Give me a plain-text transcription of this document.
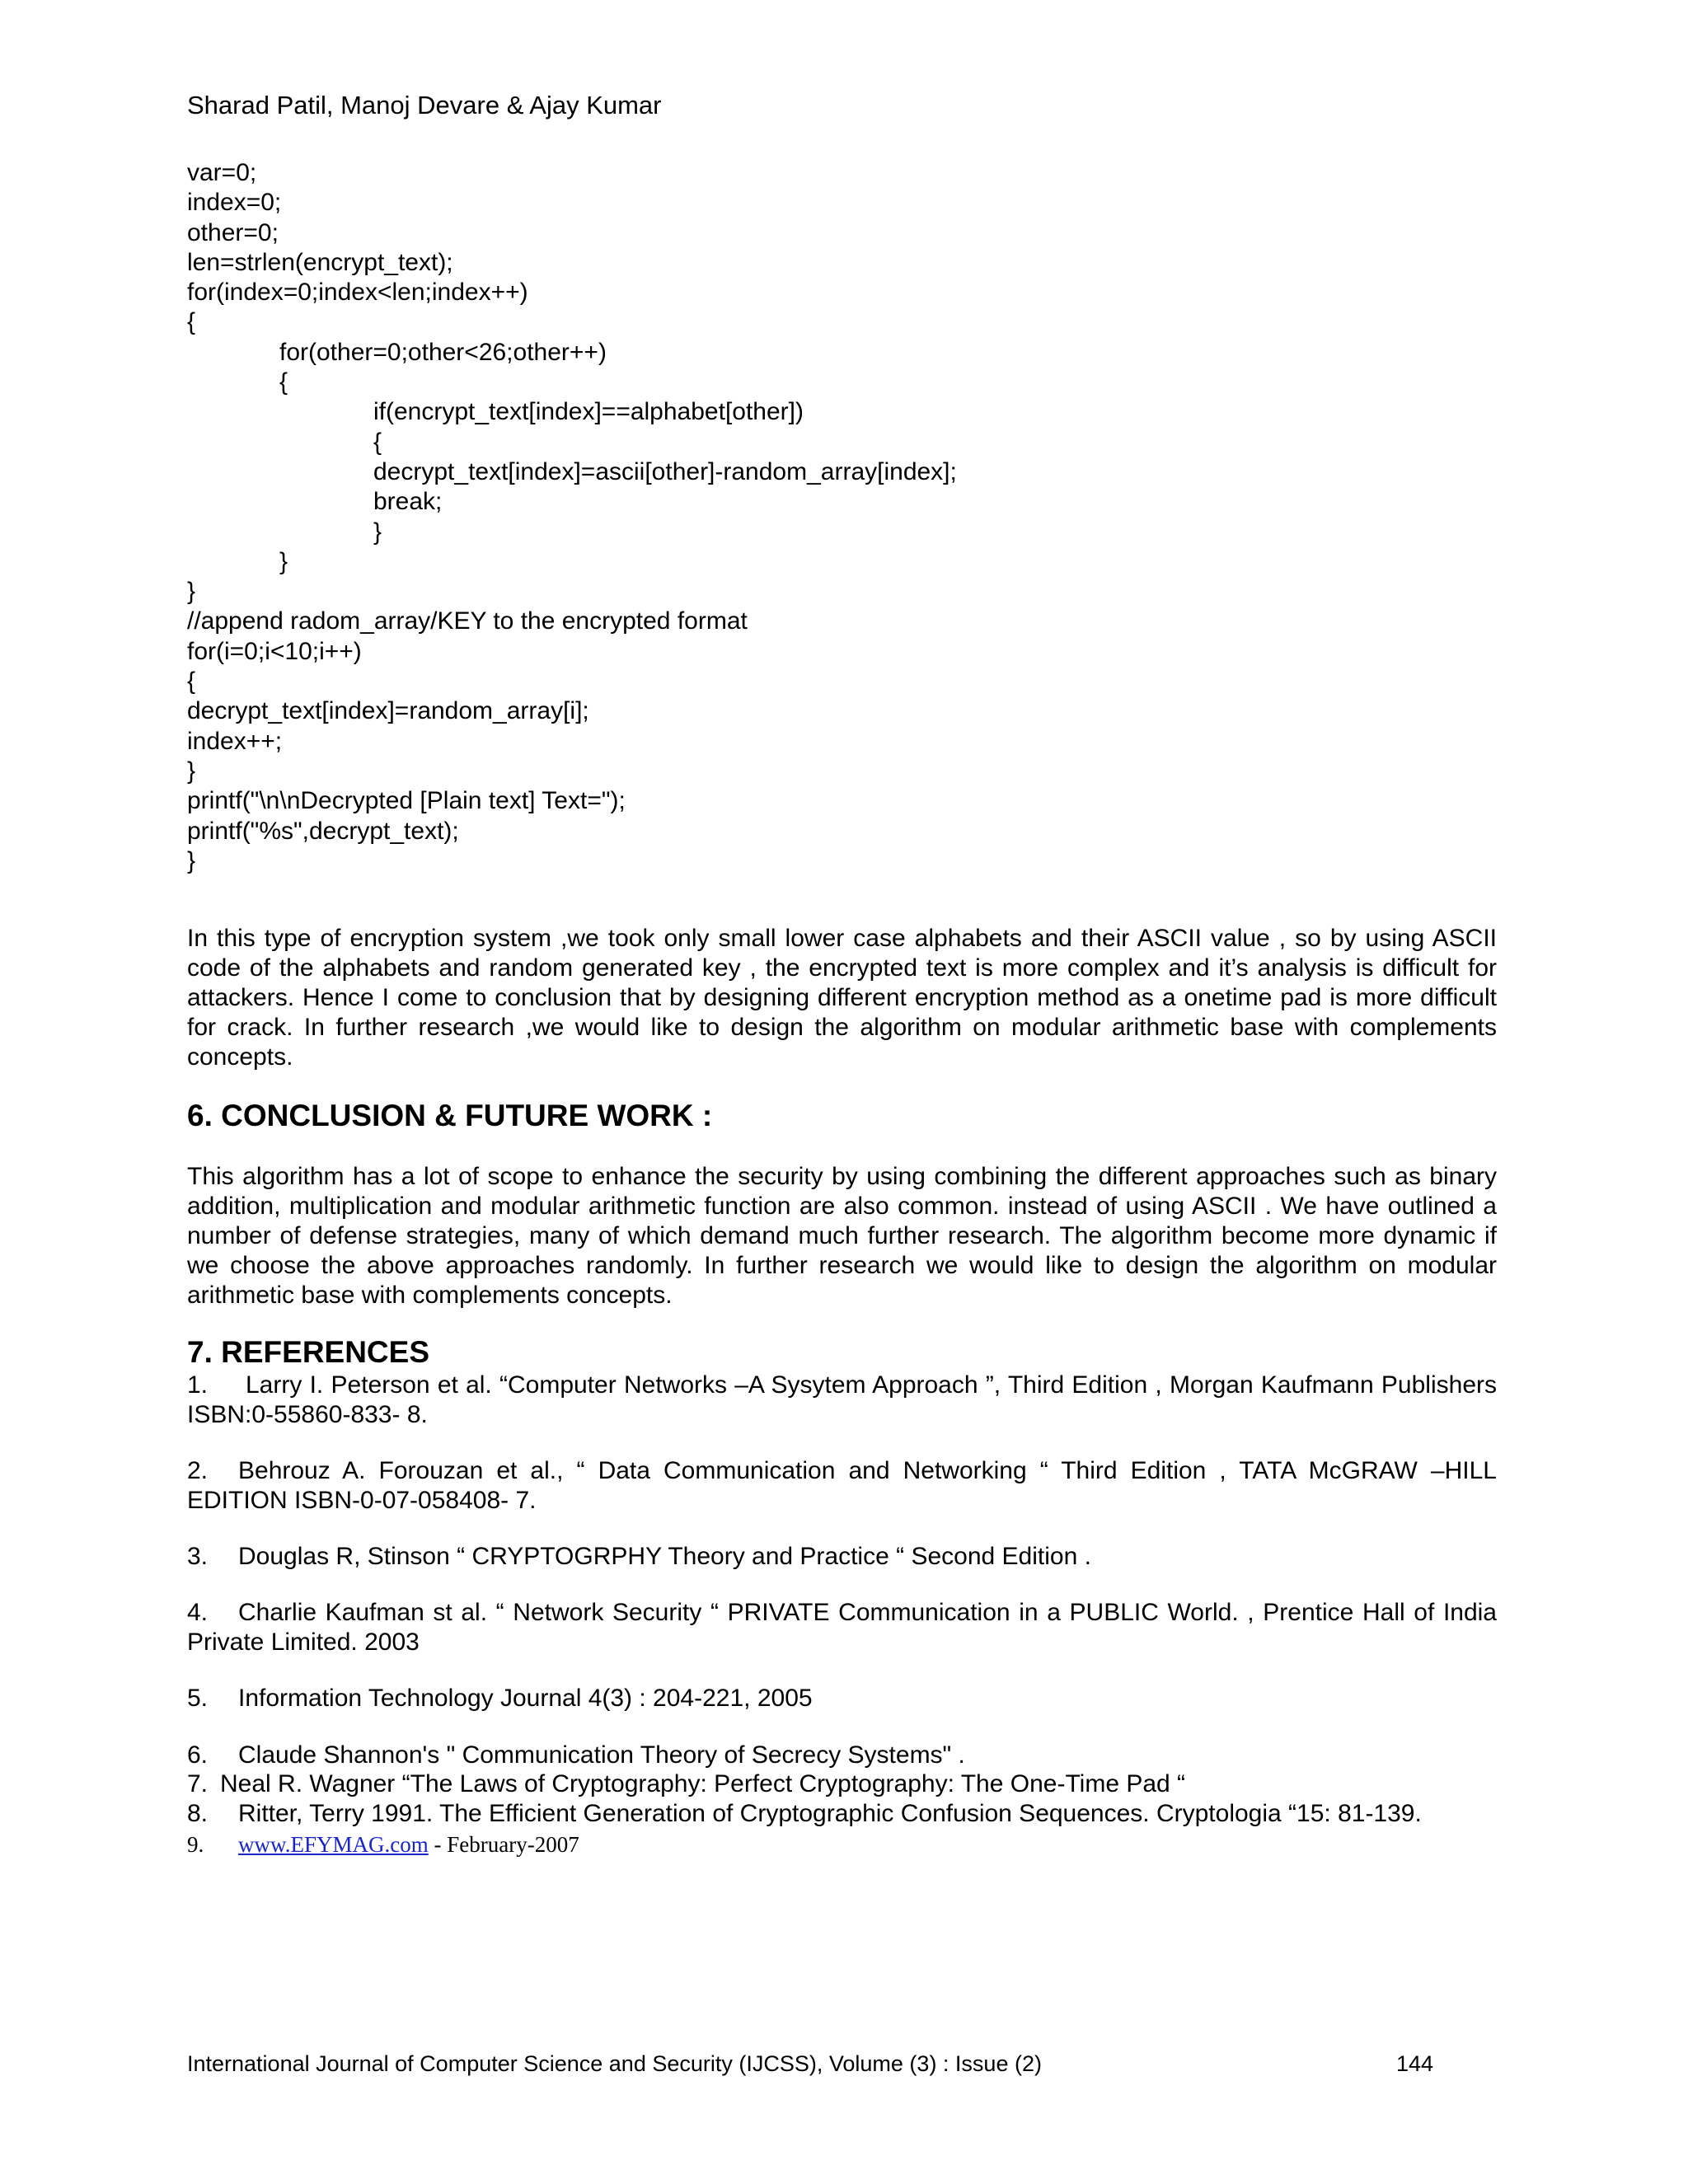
Sharad Patil, Manoj Devare & Ajay Kumar
var=0;
index=0;
other=0;
len=strlen(encrypt_text);
for(index=0;index<len;index++)
{
for(other=0;other<26;other++)
{
if(encrypt_text[index]==alphabet[other])
{
decrypt_text[index]=ascii[other]-random_array[index];
break;
}
}
}
//append radom_array/KEY to the encrypted format
for(i=0;i<10;i++)
{
decrypt_text[index]=random_array[i];
index++;
}
printf("\n\nDecrypted [Plain text] Text=");
printf("%s",decrypt_text);
}
In this type of encryption system ,we took only small lower case alphabets and their ASCII value , so by using ASCII code of the alphabets and random generated key , the encrypted text is more complex and it’s analysis is difficult for attackers. Hence I come to conclusion that by designing different encryption method as a onetime pad is more difficult for crack. In further research ,we would like to design the algorithm on modular arithmetic base with complements concepts.
6. CONCLUSION & FUTURE WORK :
This algorithm has a lot of scope to enhance the security by using combining the different approaches such as binary addition, multiplication and modular arithmetic function are also common. instead of using ASCII . We have outlined a number of defense strategies, many of which demand much further research. The algorithm become more dynamic if we choose the above approaches randomly. In further research we would like to design the algorithm on modular arithmetic base with complements concepts.
7. REFERENCES
1. Larry I. Peterson et al. “Computer Networks –A Sysytem Approach ”, Third Edition , Morgan Kaufmann Publishers ISBN:0-55860-833- 8.
2. Behrouz A. Forouzan et al., “ Data Communication and Networking “ Third Edition , TATA McGRAW –HILL EDITION ISBN-0-07-058408- 7.
3. Douglas R, Stinson “ CRYPTOGRPHY Theory and Practice “ Second Edition .
4. Charlie Kaufman st al. “ Network Security “ PRIVATE Communication in a PUBLIC World. , Prentice Hall of India Private Limited. 2003
5. Information Technology Journal 4(3) : 204-221, 2005
6. Claude Shannon's " Communication Theory of Secrecy Systems" .
7. Neal R. Wagner “The Laws of Cryptography: Perfect Cryptography: The One-Time Pad “
8. Ritter, Terry 1991. The Efficient Generation of Cryptographic Confusion Sequences. Cryptologia “15: 81-139.
9. www.EFYMAG.com - February-2007
International Journal of Computer Science and Security (IJCSS), Volume (3) : Issue (2)	144
